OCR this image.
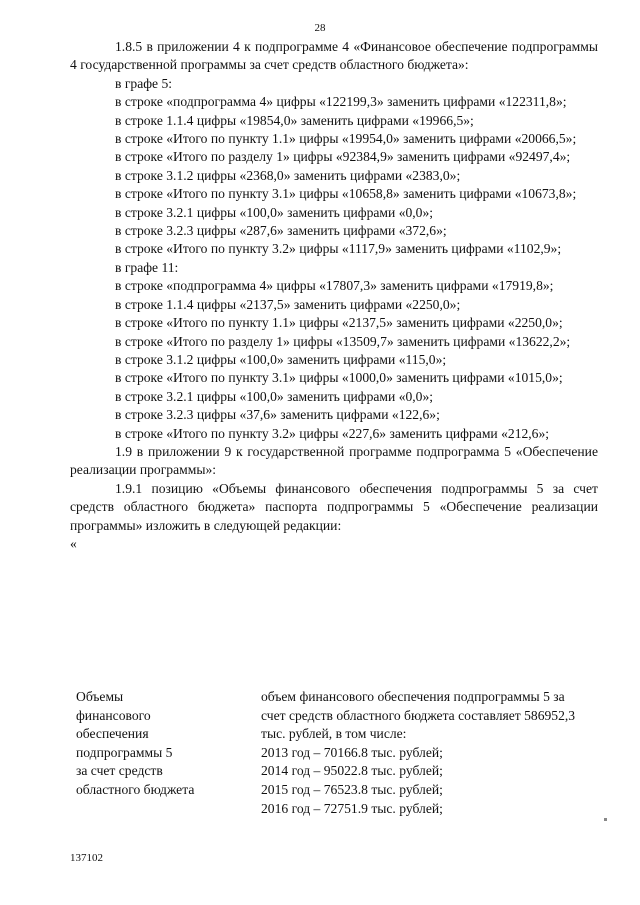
28

1.8.5 в приложении 4 к подпрограмме 4 «Финансовое обеспечение подпрограммы 4 государственной программы за счет средств областного бюджета»:

в графе 5:

в строке «подпрограмма 4» цифры «122199,3» заменить цифрами «122311,8»;

в строке 1.1.4 цифры «19854,0» заменить цифрами «19966,5»;

в строке «Итого по пункту 1.1» цифры «19954,0» заменить цифрами «20066,5»;

в строке «Итого по разделу 1» цифры «92384,9» заменить цифрами «92497,4»;

в строке 3.1.2 цифры «2368,0» заменить цифрами «2383,0»;

в строке «Итого по пункту 3.1» цифры «10658,8» заменить цифрами «10673,8»;

в строке 3.2.1 цифры «100,0» заменить цифрами «0,0»;

в строке 3.2.3 цифры «287,6» заменить цифрами «372,6»;

в строке «Итого по пункту 3.2» цифры «1117,9» заменить цифрами «1102,9»;

в графе 11:

в строке «подпрограмма 4» цифры «17807,3» заменить цифрами «17919,8»;

в строке 1.1.4 цифры «2137,5» заменить цифрами «2250,0»;

в строке «Итого по пункту 1.1» цифры «2137,5» заменить цифрами «2250,0»;

в строке «Итого по разделу 1» цифры «13509,7» заменить цифрами «13622,2»;

в строке 3.1.2 цифры «100,0» заменить цифрами «115,0»;

в строке «Итого по пункту 3.1» цифры «1000,0» заменить цифрами «1015,0»;

в строке 3.2.1 цифры «100,0» заменить цифрами «0,0»;

в строке 3.2.3 цифры «37,6» заменить цифрами «122,6»;

в строке «Итого по пункту 3.2» цифры «227,6» заменить цифрами «212,6»;

1.9 в приложении 9 к государственной программе подпрограмма 5 «Обеспечение реализации программы»:

1.9.1 позицию «Объемы финансового обеспечения подпрограммы 5 за счет средств областного бюджета» паспорта подпрограммы 5 «Обеспечение реализации программы» изложить в следующей редакции:

«

Объемы
финансового
обеспечения
подпрограммы 5
за счет средств
областного бюджета
объем финансового обеспечения подпрограммы 5 за
счет средств областного бюджета составляет 586952,3
тыс. рублей, в том числе:
2013 год – 70166.8 тыс. рублей;
2014 год – 95022.8 тыс. рублей;
2015 год – 76523.8 тыс. рублей;
2016 год – 72751.9 тыс. рублей;
137102
